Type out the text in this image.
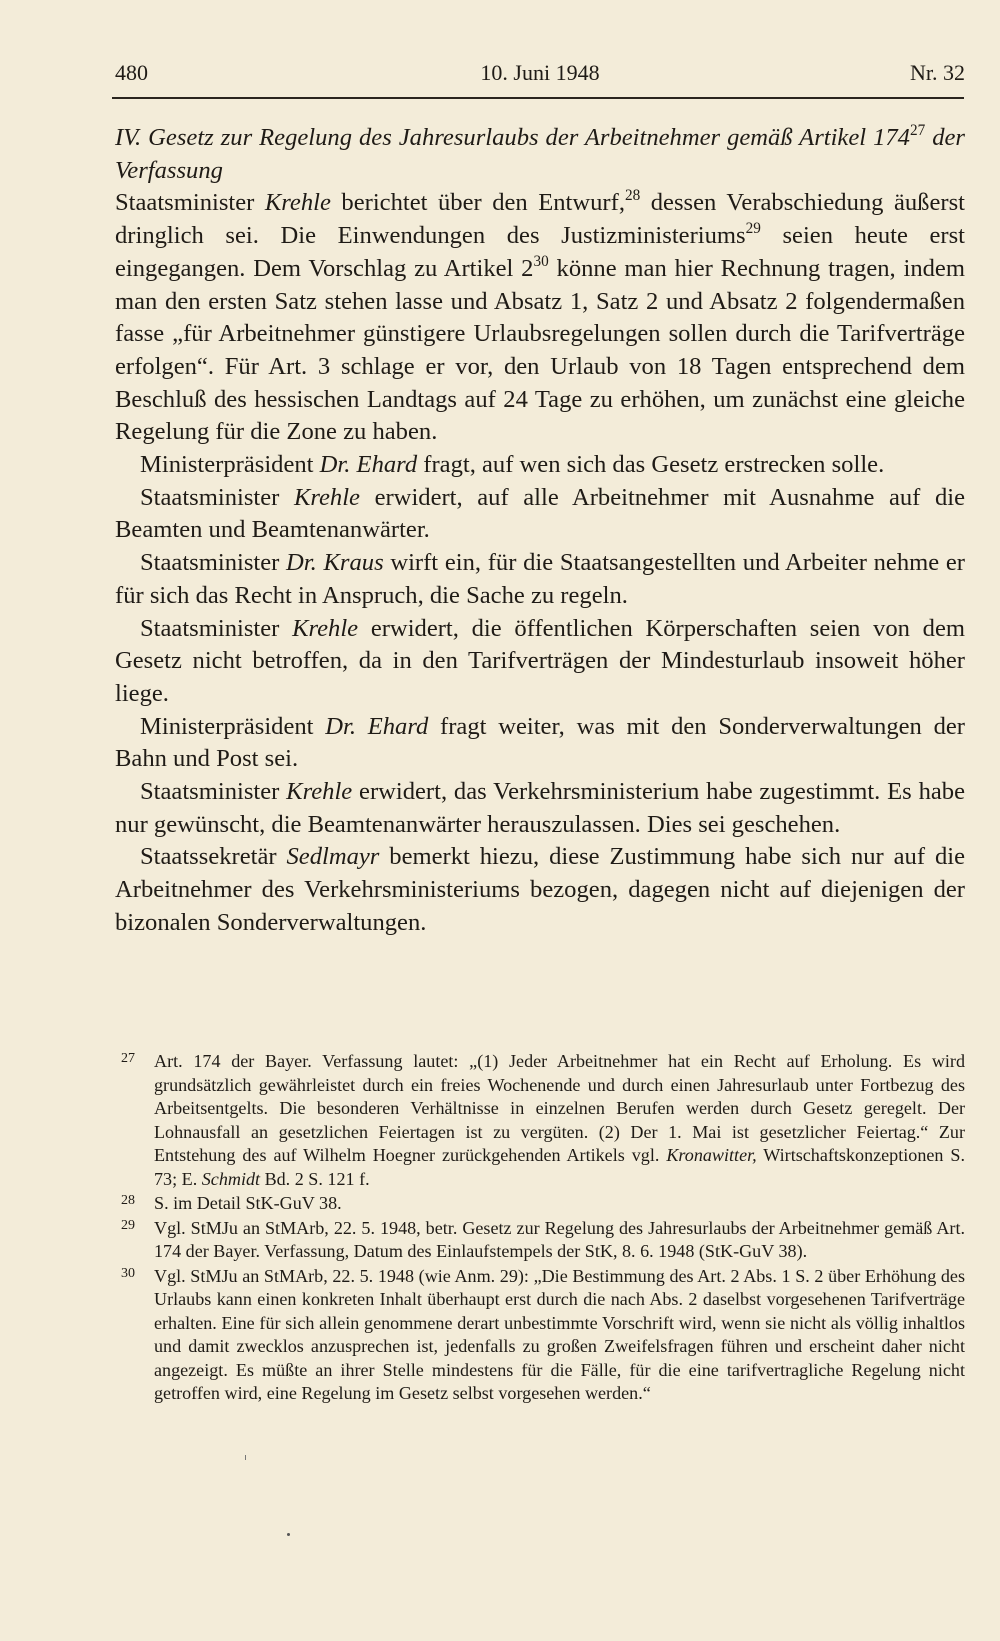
480	10. Juni 1948	Nr. 32

IV. Gesetz zur Regelung des Jahresurlaubs der Arbeitnehmer gemäß Artikel $174^{27}$ der Verfassung

Staatsminister Krehle berichtet über den Entwurf,$^{28}$ dessen Verabschiedung äußerst dringlich sei. Die Einwendungen des Justizministeriums$^{29}$ seien heute erst eingegangen. Dem Vorschlag zu Artikel $2^{30}$ könne man hier Rechnung tragen, indem man den ersten Satz stehen lasse und Absatz 1, Satz 2 und Absatz 2 folgendermaßen fasse „für Arbeitnehmer günstigere Urlaubsregelungen sollen durch die Tarifverträge erfolgen“. Für Art. 3 schlage er vor, den Urlaub von 18 Tagen entsprechend dem Beschluß des hessischen Landtags auf 24 Tage zu erhöhen, um zunächst eine gleiche Regelung für die Zone zu haben.

Ministerpräsident Dr. Ehard fragt, auf wen sich das Gesetz erstrecken solle.

Staatsminister Krehle erwidert, auf alle Arbeitnehmer mit Ausnahme auf die Beamten und Beamtenanwärter.

Staatsminister Dr. Kraus wirft ein, für die Staatsangestellten und Arbeiter nehme er für sich das Recht in Anspruch, die Sache zu regeln.

Staatsminister Krehle erwidert, die öffentlichen Körperschaften seien von dem Gesetz nicht betroffen, da in den Tarifverträgen der Mindesturlaub insoweit höher liege.

Ministerpräsident Dr. Ehard fragt weiter, was mit den Sonderverwaltungen der Bahn und Post sei.

Staatsminister Krehle erwidert, das Verkehrsministerium habe zugestimmt. Es habe nur gewünscht, die Beamtenanwärter herauszulassen. Dies sei geschehen.

Staatssekretär Sedlmayr bemerkt hiezu, diese Zustimmung habe sich nur auf die Arbeitnehmer des Verkehrsministeriums bezogen, dagegen nicht auf diejenigen der bizonalen Sonderverwaltungen.

27 Art. 174 der Bayer. Verfassung lautet: „(1) Jeder Arbeitnehmer hat ein Recht auf Erholung. Es wird grundsätzlich gewährleistet durch ein freies Wochenende und durch einen Jahresurlaub unter Fortbezug des Arbeitsentgelts. Die besonderen Verhältnisse in einzelnen Berufen werden durch Gesetz geregelt. Der Lohnausfall an gesetzlichen Feiertagen ist zu vergüten. (2) Der 1. Mai ist gesetzlicher Feiertag.“ Zur Entstehung des auf Wilhelm Hoegner zurückgehenden Artikels vgl. Kronawitter, Wirtschaftskonzeptionen S. 73; E. Schmidt Bd. 2 S. 121 f.

28 S. im Detail StK-GuV 38.

29 Vgl. StMJu an StMArb, 22. 5. 1948, betr. Gesetz zur Regelung des Jahresurlaubs der Arbeitnehmer gemäß Art. 174 der Bayer. Verfassung, Datum des Einlaufstempels der StK, 8. 6. 1948 (StK-GuV 38).

30 Vgl. StMJu an StMArb, 22. 5. 1948 (wie Anm. 29): „Die Bestimmung des Art. 2 Abs. 1 S. 2 über Erhöhung des Urlaubs kann einen konkreten Inhalt überhaupt erst durch die nach Abs. 2 daselbst vorgesehenen Tarifverträge erhalten. Eine für sich allein genommene derart unbestimmte Vorschrift wird, wenn sie nicht als völlig inhaltlos und damit zwecklos anzusprechen ist, jedenfalls zu großen Zweifelsfragen führen und erscheint daher nicht angezeigt. Es müßte an ihrer Stelle mindestens für die Fälle, für die eine tarifvertragliche Regelung nicht getroffen wird, eine Regelung im Gesetz selbst vorgesehen werden.“
